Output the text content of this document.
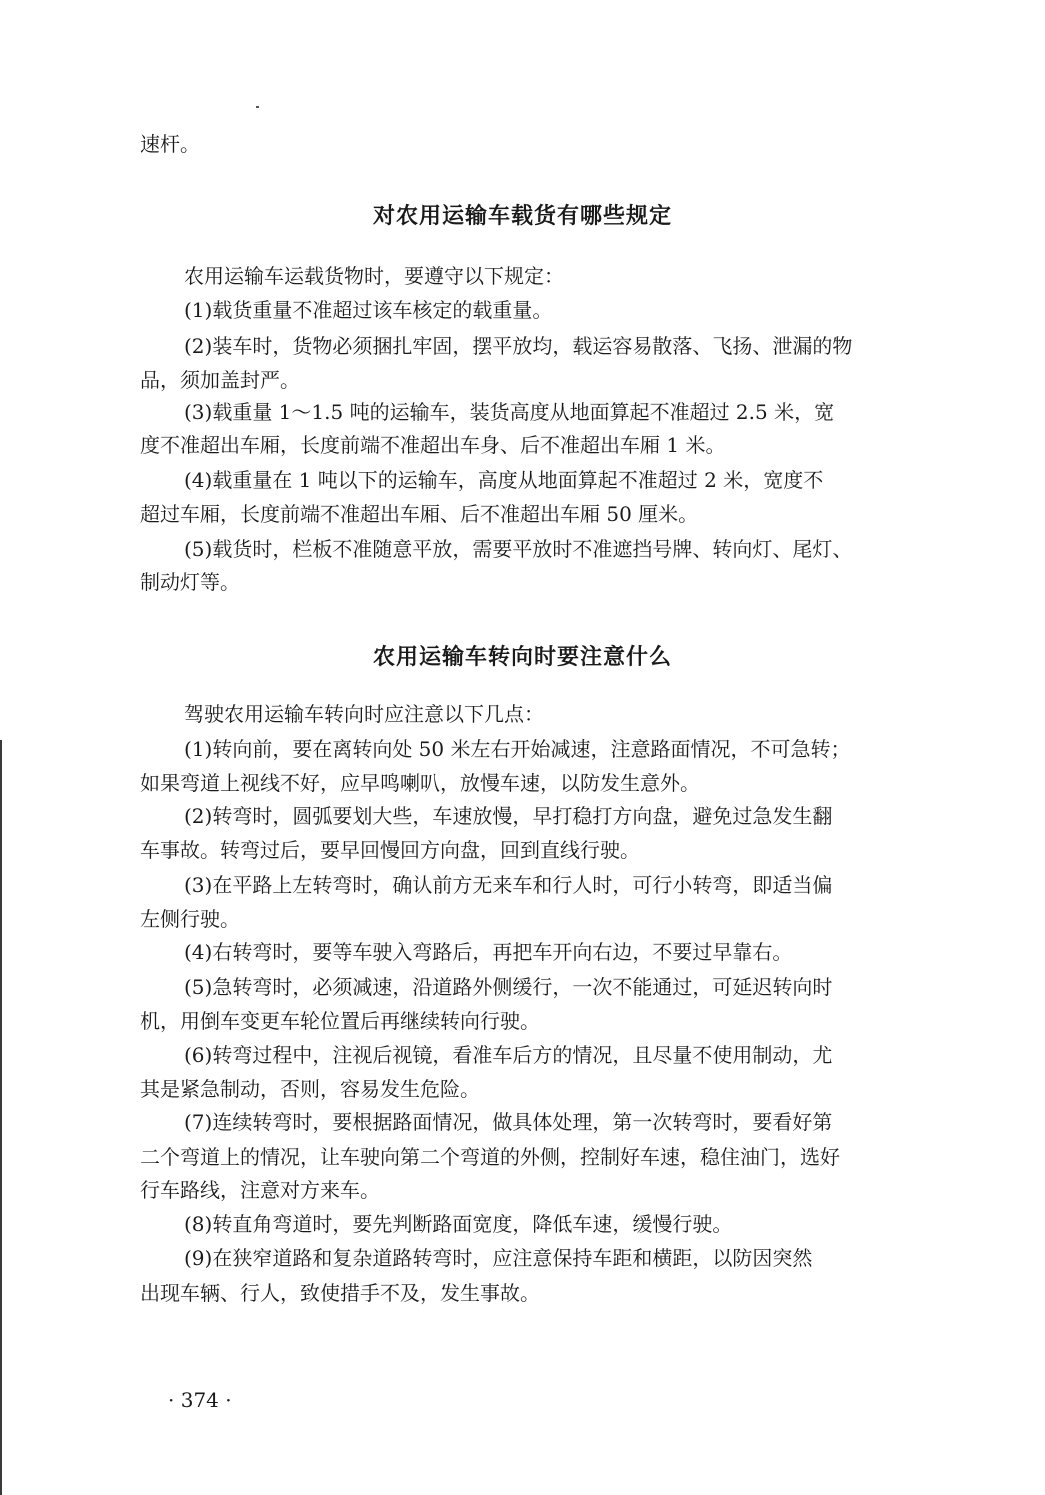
速杆。
对农用运输车载货有哪些规定
农用运输车运载货物时，要遵守以下规定：
(1)载货重量不准超过该车核定的载重量。
(2)装车时，货物必须捆扎牢固，摆平放均，载运容易散落、飞扬、泄漏的物
品，须加盖封严。
(3)载重量 1～1.5 吨的运输车，装货高度从地面算起不准超过 2.5 米，宽
度不准超出车厢，长度前端不准超出车身、后不准超出车厢 1 米。
(4)载重量在 1 吨以下的运输车，高度从地面算起不准超过 2 米，宽度不
超过车厢，长度前端不准超出车厢、后不准超出车厢 50 厘米。
(5)载货时，栏板不准随意平放，需要平放时不准遮挡号牌、转向灯、尾灯、
制动灯等。
农用运输车转向时要注意什么
驾驶农用运输车转向时应注意以下几点：
(1)转向前，要在离转向处 50 米左右开始减速，注意路面情况，不可急转；
如果弯道上视线不好，应早鸣喇叭，放慢车速，以防发生意外。
(2)转弯时，圆弧要划大些，车速放慢，早打稳打方向盘，避免过急发生翻
车事故。转弯过后，要早回慢回方向盘，回到直线行驶。
(3)在平路上左转弯时，确认前方无来车和行人时，可行小转弯，即适当偏
左侧行驶。
(4)右转弯时，要等车驶入弯路后，再把车开向右边，不要过早靠右。
(5)急转弯时，必须减速，沿道路外侧缓行，一次不能通过，可延迟转向时
机，用倒车变更车轮位置后再继续转向行驶。
(6)转弯过程中，注视后视镜，看准车后方的情况，且尽量不使用制动，尤
其是紧急制动，否则，容易发生危险。
(7)连续转弯时，要根据路面情况，做具体处理，第一次转弯时，要看好第
二个弯道上的情况，让车驶向第二个弯道的外侧，控制好车速，稳住油门，选好
行车路线，注意对方来车。
(8)转直角弯道时，要先判断路面宽度，降低车速，缓慢行驶。
(9)在狭窄道路和复杂道路转弯时，应注意保持车距和横距，以防因突然
出现车辆、行人，致使措手不及，发生事故。
· 374 ·
